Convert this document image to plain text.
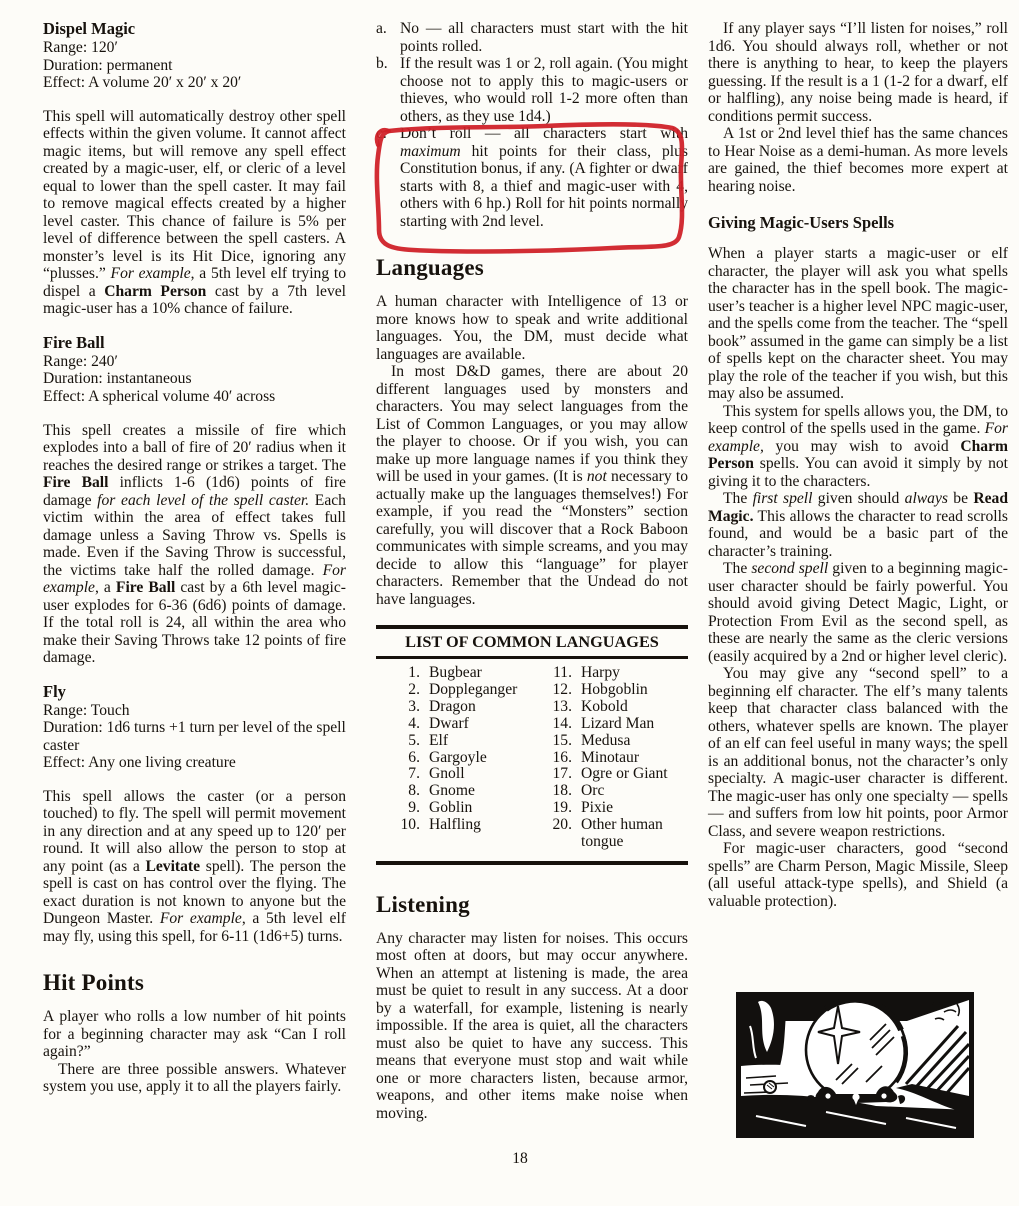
Dispel Magic
Range: 120′
Duration: permanent
Effect: A volume 20′ x 20′ x 20′

This spell will automatically destroy other spell effects within the given volume. It cannot affect magic items, but will remove any spell effect created by a magic-user, elf, or cleric of a level equal to lower than the spell caster. It may fail to remove magical effects created by a higher level caster. This chance of failure is 5% per level of difference between the spell casters. A monster’s level is its Hit Dice, ignoring any “plusses.” For example, a 5th level elf trying to dispel a Charm Person cast by a 7th level magic-user has a 10% chance of failure.

Fire Ball
Range: 240′
Duration: instantaneous
Effect: A spherical volume 40′ across

This spell creates a missile of fire which explodes into a ball of fire of 20′ radius when it reaches the desired range or strikes a target. The Fire Ball inflicts 1-6 (1d6) points of fire damage for each level of the spell caster. Each victim within the area of effect takes full damage unless a Saving Throw vs. Spells is made. Even if the Saving Throw is successful, the victims take half the rolled damage. For example, a Fire Ball cast by a 6th level magic-user explodes for 6-36 (6d6) points of damage. If the total roll is 24, all within the area who make their Saving Throws take 12 points of fire damage.

Fly
Range: Touch
Duration: 1d6 turns +1 turn per level of the spell caster
Effect: Any one living creature

This spell allows the caster (or a person touched) to fly. The spell will permit movement in any direction and at any speed up to 120′ per round. It will also allow the person to stop at any point (as a Levitate spell). The person the spell is cast on has control over the flying. The exact duration is not known to anyone but the Dungeon Master. For example, a 5th level elf may fly, using this spell, for 6-11 (1d6+5) turns.

Hit Points

A player who rolls a low number of hit points for a beginning character may ask “Can I roll again?”

There are three possible answers. Whatever system you use, apply it to all the players fairly.

a. No — all characters must start with the hit points rolled.
b. If the result was 1 or 2, roll again. (You might choose not to apply this to magic-users or thieves, who would roll 1-2 more often than others, as they use 1d4.)
c. Don’t roll — all characters start with maximum hit points for their class, plus Constitution bonus, if any. (A fighter or dwarf starts with 8, a thief and magic-user with 4, others with 6 hp.) Roll for hit points normally starting with 2nd level.
Languages

A human character with Intelligence of 13 or more knows how to speak and write additional languages. You, the DM, must decide what languages are available.

In most D&D games, there are about 20 different languages used by monsters and characters. You may select languages from the List of Common Languages, or you may allow the player to choose. Or if you wish, you can make up more language names if you think they will be used in your games. (It is not necessary to actually make up the languages themselves!) For example, if you read the “Monsters” section carefully, you will discover that a Rock Baboon communicates with simple screams, and you may decide to allow this “language” for player characters. Remember that the Undead do not have languages.

LIST OF COMMON LANGUAGES
1. Bugbear
2. Doppleganger
3. Dragon
4. Dwarf
5. Elf
6. Gargoyle
7. Gnoll
8. Gnome
9. Goblin
10. Halfling
11. Harpy
12. Hobgoblin
13. Kobold
14. Lizard Man
15. Medusa
16. Minotaur
17. Ogre or Giant
18. Orc
19. Pixie
20. Other human tongue
Listening

Any character may listen for noises. This occurs most often at doors, but may occur anywhere. When an attempt at listening is made, the area must be quiet to result in any success. At a door by a waterfall, for example, listening is nearly impossible. If the area is quiet, all the characters must also be quiet to have any success. This means that everyone must stop and wait while one or more characters listen, because armor, weapons, and other items make noise when moving.

If any player says “I’ll listen for noises,” roll 1d6. You should always roll, whether or not there is anything to hear, to keep the players guessing. If the result is a 1 (1-2 for a dwarf, elf or halfling), any noise being made is heard, if conditions permit success.

A 1st or 2nd level thief has the same chances to Hear Noise as a demi-human. As more levels are gained, the thief becomes more expert at hearing noise.

Giving Magic-Users Spells

When a player starts a magic-user or elf character, the player will ask you what spells the character has in the spell book. The magic-user’s teacher is a higher level NPC magic-user, and the spells come from the teacher. The “spell book” assumed in the game can simply be a list of spells kept on the character sheet. You may play the role of the teacher if you wish, but this may also be assumed.

This system for spells allows you, the DM, to keep control of the spells used in the game. For example, you may wish to avoid Charm Person spells. You can avoid it simply by not giving it to the characters.

The first spell given should always be Read Magic. This allows the character to read scrolls found, and would be a basic part of the character’s training.

The second spell given to a beginning magic-user character should be fairly powerful. You should avoid giving Detect Magic, Light, or Protection From Evil as the second spell, as these are nearly the same as the cleric versions (easily acquired by a 2nd or higher level cleric).

You may give any “second spell” to a beginning elf character. The elf’s many talents keep that character class balanced with the others, whatever spells are known. The player of an elf can feel useful in many ways; the spell is an additional bonus, not the character’s only specialty. A magic-user character is different. The magic-user has only one specialty — spells — and suffers from low hit points, poor Armor Class, and severe weapon restrictions.

For magic-user characters, good “second spells” are Charm Person, Magic Missile, Sleep (all useful attack-type spells), and Shield (a valuable protection).

18
